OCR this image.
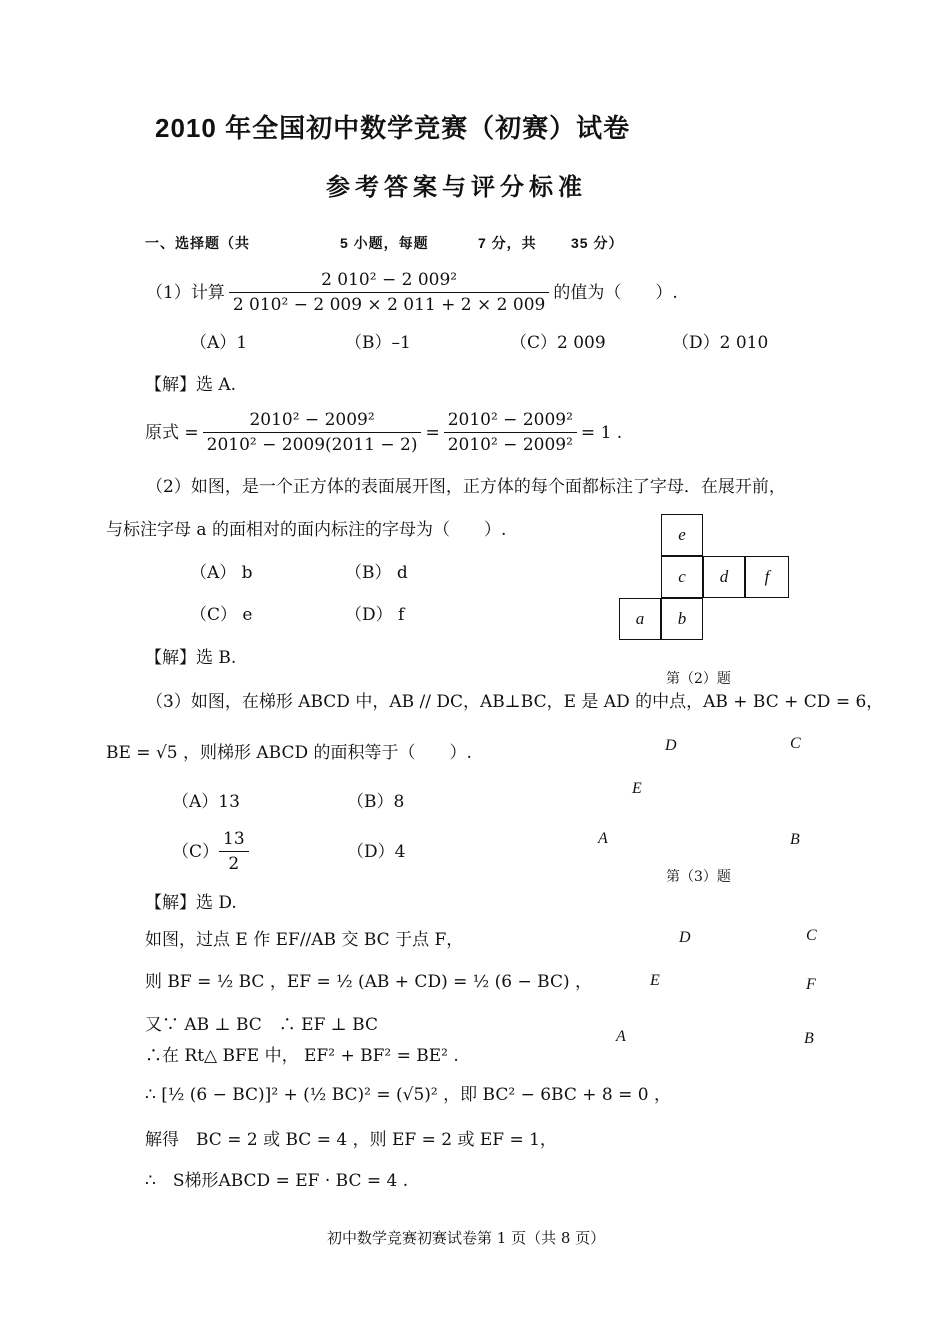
2010 年全国初中数学竞赛（初赛）试卷
参考答案与评分标准
一、选择题（共	5 小题，每题	7 分，共 35 分）
（1）计算 $\frac{\text{2 010² − 2 009²}}{\text{2 010² − 2 009 × 2 011 + 2 × 2 009}}$ 的值为（　　）.
（A）1	（B）–1	（C）2 009	（D）2 010
【解】选 A.
原式 = $\frac{\text{2010² − 2009²}}{\text{2010² − 2009(2011 − 2)}} = \frac{\text{2010² − 2009²}}{\text{2010² − 2009²}} = 1$ .
（2）如图，是一个正方体的表面展开图，正方体的每个面都标注了字母．在展开前，
与标注字母 a 的面相对的面内标注的字母为（　　）.
（A） b	（B） d
（C） e	（D） f
【解】选 B.
e
c	d	f
a	b
第（2）题
（3）如图，在梯形 ABCD 中，AB // DC，AB⊥BC，E 是 AD 的中点，AB + BC + CD = 6，
BE = √5 ，则梯形 ABCD 的面积等于（　　）.
（A）13	（B）8
$(C) \frac{13}{2}$	（D）4
D	C
E
A	B
第（3）题
【解】选 D.
如图，过点 E 作 EF//AB 交 BC 于点 F，
则 BF = ½ BC ，EF = ½ (AB + CD) = ½ (6 − BC) ，
又∵ AB ⊥ BC　∴ EF ⊥ BC
∴在 Rt△ BFE 中， EF² + BF² = BE² .
∴ [½ (6 − BC)]² + (½ BC)² = (√5)² ，即 BC² − 6BC + 8 = 0 ，
解得　BC = 2 或 BC = 4 ，则 EF = 2 或 EF = 1，
∴　S梯形ABCD = EF · BC = 4 .
D	C
E	F
A	B
初中数学竞赛初赛试卷第 1 页（共 8 页）
